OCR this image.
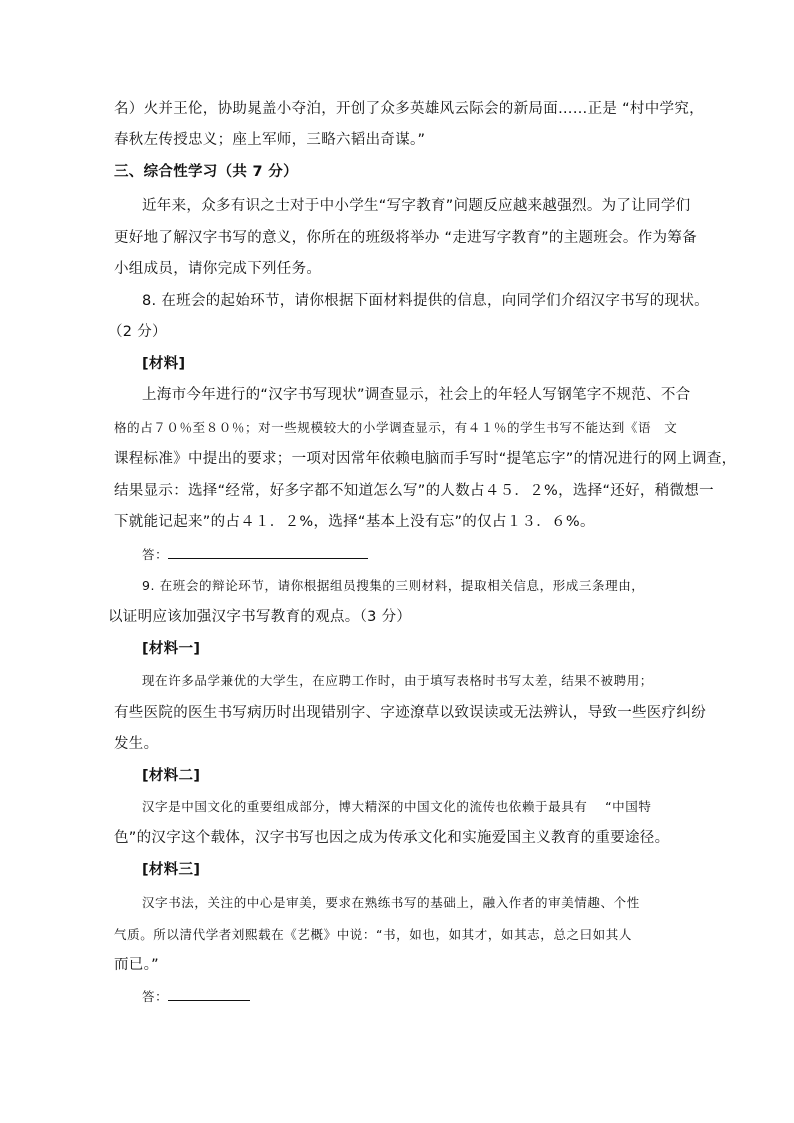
名）火并王伦，协助晁盖小夺泊，开创了众多英雄风云际会的新局面……正是 “村中学究，
春秋左传授忠义；座上军师，三略六韬出奇谋。”
三、综合性学习（共 7 分）
近年来，众多有识之士对于中小学生“写字教育”问题反应越来越强烈。为了让同学们
更好地了解汉字书写的意义，你所在的班级将举办 “走进写字教育”的主题班会。作为筹备
小组成员，请你完成下列任务。
8. 在班会的起始环节，请你根据下面材料提供的信息，向同学们介绍汉字书写的现状。
（2 分）
[材料]
上海市今年进行的“汉字书写现状”调查显示，社会上的年轻人写钢笔字不规范、不合
格的占７０％至８０％；对一些规模较大的小学调查显示，有４１％的学生书写不能达到《语　文
课程标准》中提出的要求；一项对因常年依赖电脑而手写时“提笔忘字”的情况进行的网上调查，
结果显示：选择“经常，好多字都不知道怎么写”的人数占４５．２%，选择“还好，稍微想一
下就能记起来”的占４１．２%，选择“基本上没有忘”的仅占１３．６%。
答：
9. 在班会的辩论环节，请你根据组员搜集的三则材料，提取相关信息，形成三条理由，
以证明应该加强汉字书写教育的观点。（3 分）
[材料一]
现在许多品学兼优的大学生，在应聘工作时，由于填写表格时书写太差，结果不被聘用；
有些医院的医生书写病历时出现错别字、字迹潦草以致误读或无法辨认，导致一些医疗纠纷
发生。
[材料二]
汉字是中国文化的重要组成部分，博大精深的中国文化的流传也依赖于最具有　 “中国特
色”的汉字这个载体，汉字书写也因之成为传承文化和实施爱国主义教育的重要途径。
[材料三]
汉字书法，关注的中心是审美，要求在熟练书写的基础上，融入作者的审美情趣、个性
气质。所以清代学者刘熙载在《艺概》中说：“书，如也，如其才，如其志，总之曰如其人
而已。”
答：
